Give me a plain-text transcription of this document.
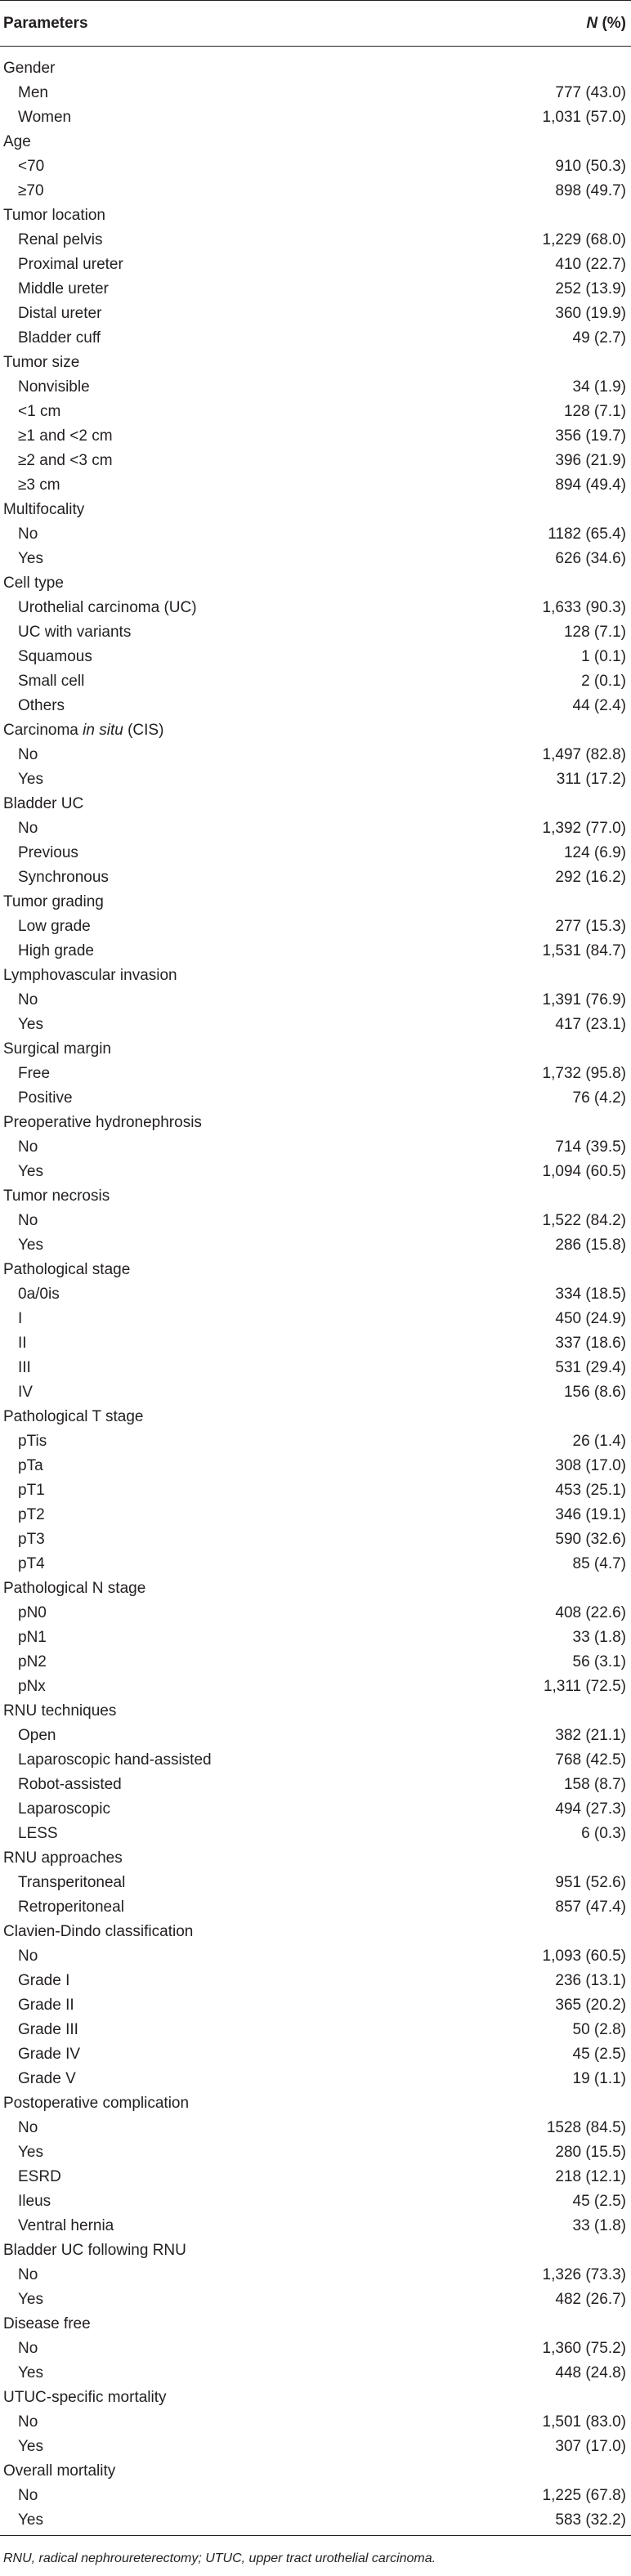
Parameters	N (%)
Gender
Men	777 (43.0)
Women	1,031 (57.0)
Age
<70	910 (50.3)
≥70	898 (49.7)
Tumor location
Renal pelvis	1,229 (68.0)
Proximal ureter	410 (22.7)
Middle ureter	252 (13.9)
Distal ureter	360 (19.9)
Bladder cuff	49 (2.7)
Tumor size
Nonvisible	34 (1.9)
<1 cm	128 (7.1)
≥1 and <2 cm	356 (19.7)
≥2 and <3 cm	396 (21.9)
≥3 cm	894 (49.4)
Multifocality
No	1182 (65.4)
Yes	626 (34.6)
Cell type
Urothelial carcinoma (UC)	1,633 (90.3)
UC with variants	128 (7.1)
Squamous	1 (0.1)
Small cell	2 (0.1)
Others	44 (2.4)
Carcinoma in situ (CIS)
No	1,497 (82.8)
Yes	311 (17.2)
Bladder UC
No	1,392 (77.0)
Previous	124 (6.9)
Synchronous	292 (16.2)
Tumor grading
Low grade	277 (15.3)
High grade	1,531 (84.7)
Lymphovascular invasion
No	1,391 (76.9)
Yes	417 (23.1)
Surgical margin
Free	1,732 (95.8)
Positive	76 (4.2)
Preoperative hydronephrosis
No	714 (39.5)
Yes	1,094 (60.5)
Tumor necrosis
No	1,522 (84.2)
Yes	286 (15.8)
Pathological stage
0a/0is	334 (18.5)
I	450 (24.9)
II	337 (18.6)
III	531 (29.4)
IV	156 (8.6)
Pathological T stage
pTis	26 (1.4)
pTa	308 (17.0)
pT1	453 (25.1)
pT2	346 (19.1)
pT3	590 (32.6)
pT4	85 (4.7)
Pathological N stage
pN0	408 (22.6)
pN1	33 (1.8)
pN2	56 (3.1)
pNx	1,311 (72.5)
RNU techniques
Open	382 (21.1)
Laparoscopic hand-assisted	768 (42.5)
Robot-assisted	158 (8.7)
Laparoscopic	494 (27.3)
LESS	6 (0.3)
RNU approaches
Transperitoneal	951 (52.6)
Retroperitoneal	857 (47.4)
Clavien-Dindo classification
No	1,093 (60.5)
Grade I	236 (13.1)
Grade II	365 (20.2)
Grade III	50 (2.8)
Grade IV	45 (2.5)
Grade V	19 (1.1)
Postoperative complication
No	1528 (84.5)
Yes	280 (15.5)
ESRD	218 (12.1)
Ileus	45 (2.5)
Ventral hernia	33 (1.8)
Bladder UC following RNU
No	1,326 (73.3)
Yes	482 (26.7)
Disease free
No	1,360 (75.2)
Yes	448 (24.8)
UTUC-specific mortality
No	1,501 (83.0)
Yes	307 (17.0)
Overall mortality
No	1,225 (67.8)
Yes	583 (32.2)
RNU, radical nephroureterectomy; UTUC, upper tract urothelial carcinoma.
